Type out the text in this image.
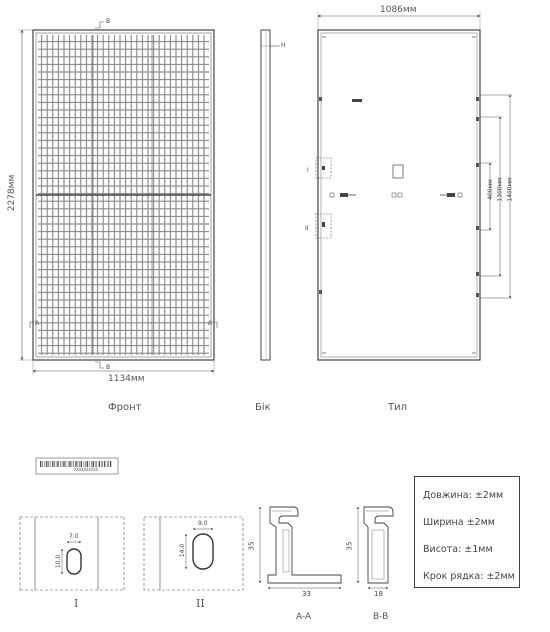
XXXXXXXXXX
2278мм
1134мм
1086мм
400мм 1300мм 1400мм
B
B
A	A
H
I
II
Фронт	Бік	Тил
7.0
10.0
I
9.0
14.0
II
35
33
A-A
35
18
B-B
Довжина: ±2мм
Ширина ±2мм
Висота: ±1мм
Крок рядка: ±2мм
